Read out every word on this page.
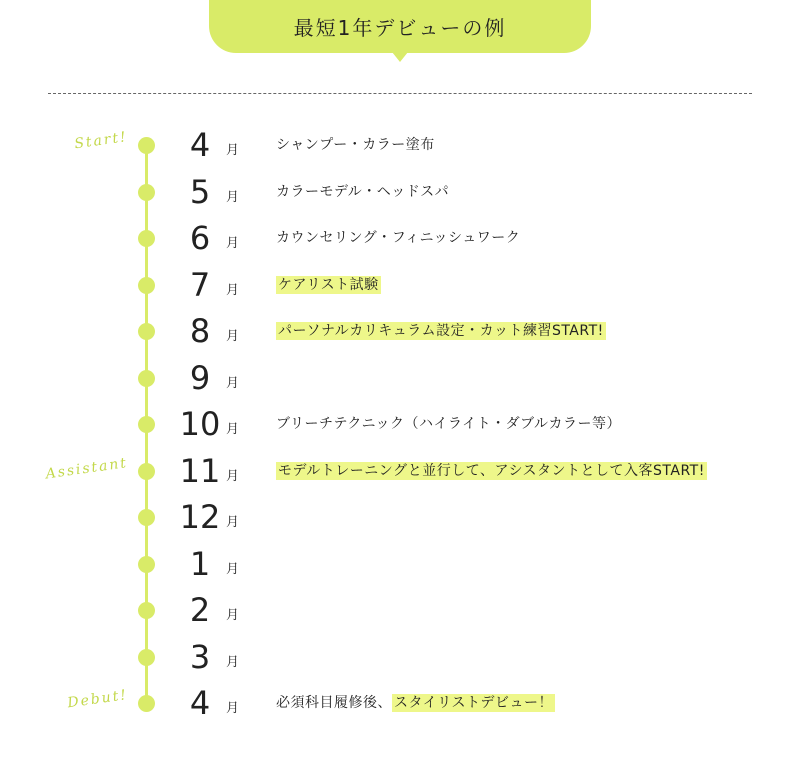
最短1年デビューの例
Start!	4	月	シャンプー・カラー塗布
5	月	カラーモデル・ヘッドスパ
6	月	カウンセリング・フィニッシュワーク
7	月	ケアリスト試験
8	月	パーソナルカリキュラム設定・カット練習START!
9	月
10 月	ブリーチテクニック（ハイライト・ダブルカラー等）
Assistant	11 月	モデルトレーニングと並行して、アシスタントとして入客START!
12 月
1	月
2	月
3	月
Debut!	4	月	必須科目履修後、 スタイリストデビュー！
